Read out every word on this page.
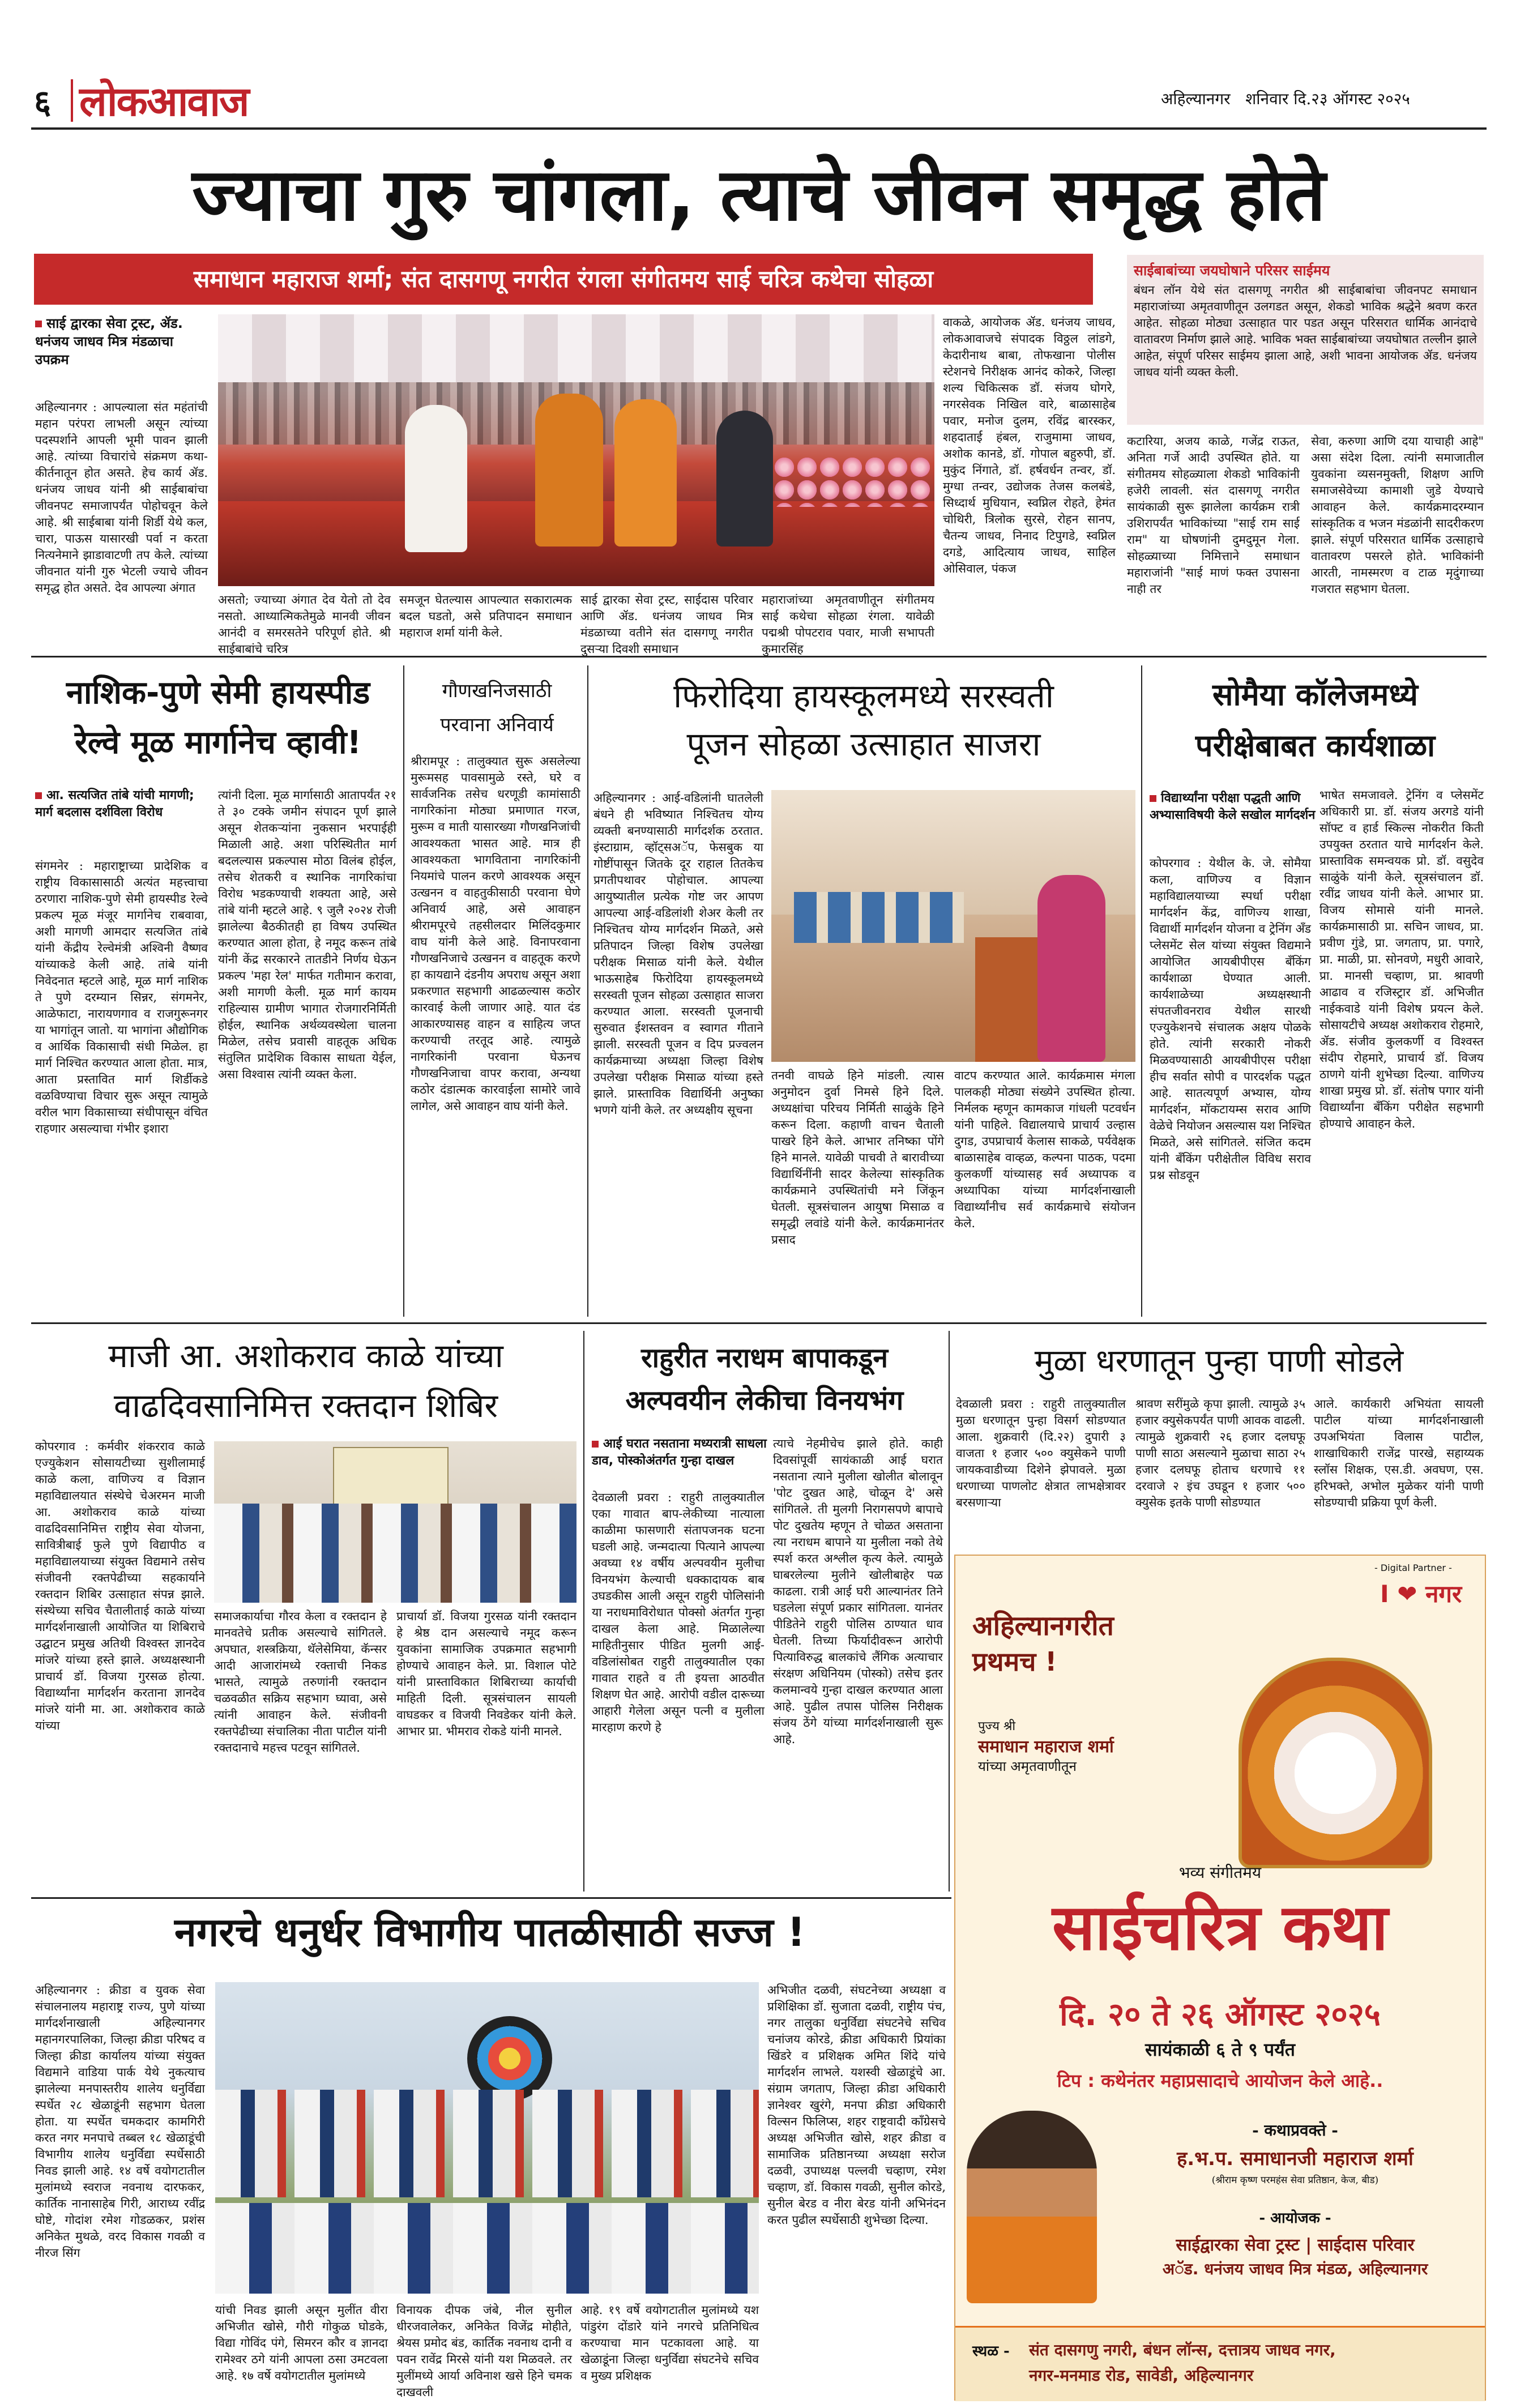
६ लोकआवाज	अहिल्यानगर   शनिवार दि.२३ ऑगस्ट २०२५
ज्याचा गुरु चांगला, त्याचे जीवन समृद्ध होते
समाधान महाराज शर्मा; संत दासगणू नगरीत रंगला संगीतमय साई चरित्र कथेचा सोहळा
साई द्वारका सेवा ट्रस्ट, ॲड. धनंजय जाधव मित्र मंडळाचा उपक्रम
अहिल्यानगर : आपल्याला संत महंतांची महान परंपरा लाभली असून त्यांच्या पदस्पर्शाने आपली भूमी पावन झाली आहे. त्यांच्या विचारांचे संक्रमण कथा-कीर्तनातून होत असते. हेच कार्य ॲड. धनंजय जाधव यांनी श्री साईबाबांचा जीवनपट समाजापर्यंत पोहोचवून केले आहे. श्री साईबाबा यांनी शिर्डी येथे कल, चारा, पाऊस यासारखी पर्वा न करता नित्यनेमाने झाडावाटणी तप केले. त्यांच्या जीवनात यांनी गुरु भेटली ज्याचे जीवन समृद्ध होत असते. देव आपल्या अंगात
असतो; ज्याच्या अंगात देव येतो तो देव नसतो. आध्यात्मिकतेमुळे मानवी जीवन आनंदी व समरसतेने परिपूर्ण होते. श्री साईबाबांचे चरित्र
समजून घेतल्यास आपल्यात सकारात्मक बदल घडतो, असे प्रतिपादन समाधान महाराज शर्मा यांनी केले.
साई द्वारका सेवा ट्रस्ट, साईदास परिवार आणि ॲड. धनंजय जाधव मित्र मंडळाच्या वतीने संत दासगणू नगरीत दुसऱ्या दिवशी समाधान
महाराजांच्या अमृतवाणीतून संगीतमय साई कथेचा सोहळा रंगला. यावेळी पद्मश्री पोपटराव पवार, माजी सभापती कुमारसिंह
वाकळे, आयोजक ॲड. धनंजय जाधव, लोकआवाजचे संपादक विठ्ठल लांडगे, केदारीनाथ बाबा, तोफखाना पोलीस स्टेशनचे निरीक्षक आनंद कोकरे, जिल्हा शल्य चिकित्सक डॉ. संजय घोगरे, नगरसेवक निखिल वारे, बाळासाहेब पवार, मनोज दुलम, रविंद्र बारस्कर, शहदातार्ई हंबल, राजुमामा जाधव, अशोक कानडे, डॉ. गोपाल बहुरुपी, डॉ. मुकुंद निंगाते, डॉ. हर्षवर्धन तन्वर, डॉ. मुग्धा तन्वर, उद्योजक तेजस कलबंडे, सिध्दार्थ मुधियान, स्वप्निल रोहते, हेमंत चोथिरी, त्रिलोक सुरसे, रोहन सानप, चैतन्य जाधव, निनाद टिपुगडे, स्वप्निल दगडे, आदित्याय जाधव, साहिल ओसिवाल, पंकज
साईबाबांच्या जयघोषाने परिसर साईमय
बंधन लॉन येथे संत दासगणू नगरीत श्री साईबाबांचा जीवनपट समाधान महाराजांच्या अमृतवाणीतून उलगडत असून, शेकडो भाविक श्रद्धेने श्रवण करत आहेत. सोहळा मोठ्या उत्साहात पार पडत असून परिसरात धार्मिक आनंदाचे वातावरण निर्माण झाले आहे. भाविक भक्त साईबाबांच्या जयघोषात तल्लीन झाले आहेत, संपूर्ण परिसर साईमय झाला आहे, अशी भावना आयोजक ॲड. धनंजय जाधव यांनी व्यक्त केली.
कटारिया, अजय काळे, गजेंद्र राऊत, अनिता गर्जे आदी उपस्थित होते. या संगीतमय सोहळ्याला शेकडो भाविकांनी हजेरी लावली. संत दासगणू नगरीत सायंकाळी सुरू झालेला कार्यक्रम रात्री उशिरापर्यंत भाविकांच्या "साई राम साई राम" या घोषणांनी दुमदुमून गेला. सोहळ्याच्या निमित्ताने समाधान महाराजांनी "साई माणं फक्त उपासना नाही तर
सेवा, करुणा आणि दया याचाही आहे" असा संदेश दिला. त्यांनी समाजातील युवकांना व्यसनमुक्ती, शिक्षण आणि समाजसेवेच्या कामाशी जुडे येण्याचे आवाहन केले. कार्यक्रमादरम्यान सांस्कृतिक व भजन मंडळांनी सादरीकरण झाले. संपूर्ण परिसरात धार्मिक उत्साहाचे वातावरण पसरले होते. भाविकांनी आरती, नामस्मरण व टाळ मृदुंगाच्या गजरात सहभाग घेतला.
नाशिक-पुणे सेमी हायस्पीड
रेल्वे मूळ मार्गानेच व्हावी!
आ. सत्यजित तांबे यांची मागणी; मार्ग बदलास दर्शविला विरोध
संगमनेर : महाराष्ट्राच्या प्रादेशिक व राष्ट्रीय विकासासाठी अत्यंत महत्त्वाचा ठरणारा नाशिक-पुणे सेमी हायस्पीड रेल्वे प्रकल्प मूळ मंजूर मार्गानेच राबवावा, अशी मागणी आमदार सत्यजित तांबे यांनी केंद्रीय रेल्वेमंत्री अश्विनी वैष्णव यांच्याकडे केली आहे. तांबे यांनी निवेदनात म्हटले आहे, मूळ मार्ग नाशिक ते पुणे दरम्यान सिन्नर, संगमनेर, आळेफाटा, नारायणगाव व राजगुरूनगर या भागांतून जातो. या भागांना औद्योगिक व आर्थिक विकासाची संधी मिळेल. हा मार्ग निश्चित करण्यात आला होता. मात्र, आता प्रस्तावित मार्ग शिर्डीकडे वळविण्याचा विचार सुरू असून त्यामुळे वरील भाग विकासाच्या संधीपासून वंचित राहणार असल्याचा गंभीर इशारा
त्यांनी दिला. मूळ मार्गासाठी आतापर्यंत २१ ते ३० टक्के जमीन संपादन पूर्ण झाले असून शेतकऱ्यांना नुकसान भरपाईही मिळाली आहे. अशा परिस्थितीत मार्ग बदलल्यास प्रकल्पास मोठा विलंब होईल, तसेच शेतकरी व स्थानिक नागरिकांचा विरोध भडकण्याची शक्यता आहे, असे तांबे यांनी म्हटले आहे. ९ जुलै २०२४ रोजी झालेल्या बैठकीतही हा विषय उपस्थित करण्यात आला होता, हे नमूद करून तांबे यांनी केंद्र सरकारने तातडीने निर्णय घेऊन प्रकल्प 'महा रेल' मार्फत गतीमान करावा, अशी मागणी केली. मूळ मार्ग कायम राहिल्यास ग्रामीण भागात रोजगारनिर्मिती होईल, स्थानिक अर्थव्यवस्थेला चालना मिळेल, तसेच प्रवासी वाहतूक अधिक संतुलित प्रादेशिक विकास साधता येईल, असा विश्वास त्यांनी व्यक्त केला.
गौणखनिजसाठी
परवाना अनिवार्य
श्रीरामपूर : तालुक्यात सुरू असलेल्या मुरूमसह पावसामुळे रस्ते, घरे व सार्वजनिक तसेच धरणूडी कामांसाठी नागरिकांना मोठ्या प्रमाणात गरज, मुरूम व माती यासारख्या गौणखनिजांची आवश्यकता भासत आहे. मात्र ही आवश्यकता भागविताना नागरिकांनी नियमांचे पालन करणे आवश्यक असून उत्खनन व वाहतुकीसाठी परवाना घेणे अनिवार्य आहे, असे आवाहन श्रीरामपूरचे तहसीलदार मिलिंदकुमार वाघ यांनी केले आहे. विनापरवाना गौणखनिजाचे उत्खनन व वाहतूक करणे हा कायद्याने दंडनीय अपराध असून अशा प्रकरणात सहभागी आढळल्यास कठोर कारवाई केली जाणार आहे. यात दंड आकारण्यासह वाहन व साहित्य जप्त करण्याची तरतूद आहे. त्यामुळे नागरिकांनी परवाना घेऊनच गौणखनिजाचा वापर करावा, अन्यथा कठोर दंडात्मक कारवाईला सामोरे जावे लागेल, असे आवाहन वाघ यांनी केले.
फिरोदिया हायस्कूलमध्ये सरस्वती
पूजन सोहळा उत्साहात साजरा
अहिल्यानगर : आई-वडिलांनी घातलेली बंधने ही भविष्यात निश्चितच योग्य व्यक्ती बनण्यासाठी मार्गदर्शक ठरतात. इंस्टाग्राम, व्हॉट्सअॅप, फेसबुक या गोष्टींपासून जितके दूर राहाल तितकेच प्रगतीपथावर पोहोचाल. आपल्या आयुष्यातील प्रत्येक गोष्ट जर आपण आपल्या आई-वडिलांशी शेअर केली तर निश्चितच योग्य मार्गदर्शन मिळते, असे प्रतिपादन जिल्हा विशेष उपलेखा परीक्षक मिसाळ यांनी केले. येथील भाऊसाहेब फिरोदिया हायस्कूलमध्ये सरस्वती पूजन सोहळा उत्साहात साजरा करण्यात आला. सरस्वती पूजनाची सुरुवात ईशस्तवन व स्वागत गीताने झाली. सरस्वती पूजन व दिप प्रज्वलन कार्यक्रमाच्या अध्यक्षा जिल्हा विशेष उपलेखा परीक्षक मिसाळ यांच्या हस्ते झाले. प्रास्ताविक विद्यार्थिनी अनुष्का भणगे यांनी केले. तर अध्यक्षीय सूचना
तनवी वाघळे हिने मांडली. त्यास अनुमोदन दुर्वा निमसे हिने दिले. अध्यक्षांचा परिचय निर्मिती साळुंके हिने करून दिला. कहाणी वाचन चैताली पाखरे हिने केले. आभार तनिष्का पोंगे हिने मानले. यावेळी पाचवी ते बारावीच्या विद्यार्थिनींनी सादर केलेल्या सांस्कृतिक कार्यक्रमाने उपस्थितांची मने जिंकून घेतली. सूत्रसंचालन आयुषा मिसाळ व समृद्धी लवांडे यांनी केले. कार्यक्रमानंतर प्रसाद
वाटप करण्यात आले. कार्यक्रमास मंगला पालकही मोठ्या संख्येने उपस्थित होत्या. निर्मलक म्हणून कामकाज गांधली पटवर्धन यांनी पाहिले. विद्यालयाचे प्राचार्य उल्हास दुगड, उपप्राचार्य केलास साकळे, पर्यवेक्षक बाळासाहेब वाव्हळ, कल्पना पाठक, पदमा कुलकर्णी यांच्यासह सर्व अध्यापक व अध्यापिका यांच्या मार्गदर्शनाखाली विद्यार्थ्यांनीच सर्व कार्यक्रमाचे संयोजन केले.
सोमैया कॉलेजमध्ये
परीक्षेबाबत कार्यशाळा
विद्यार्थ्यांना परीक्षा पद्धती आणि अभ्यासाविषयी केले सखोल मार्गदर्शन
कोपरगाव : येथील के. जे. सोमैया कला, वाणिज्य व विज्ञान महाविद्यालयाच्या स्पर्धा परीक्षा मार्गदर्शन केंद्र, वाणिज्य शाखा, विद्यार्थी मार्गदर्शन योजना व ट्रेनिंग ॲंड प्लेसमेंट सेल यांच्या संयुक्त विद्यमाने आयोजित आयबीपीएस बँकिंग कार्यशाळा घेण्यात आली. कार्यशाळेच्या अध्यक्षस्थानी संपतजीवनराव येथील सारथी एज्युकेशनचे संचालक अक्षय पोळके होते. त्यांनी सरकारी नोकरी मिळवण्यासाठी आयबीपीएस परीक्षा हीच सर्वात सोपी व पारदर्शक पद्धत आहे. सातत्यपूर्ण अभ्यास, योग्य मार्गदर्शन, मॉकटायम्स सराव आणि वेळेचे नियोजन असल्यास यश निश्चित मिळते, असे सांगितले. संजित कदम यांनी बँकिंग परीक्षेतील विविध सराव प्रश्न सोडवून
भाषेत समजावले. ट्रेनिंग व प्लेसमेंट अधिकारी प्रा. डॉ. संजय अरगडे यांनी सॉफ्ट व हार्ड स्किल्स नोकरीत किती उपयुक्त ठरतात याचे मार्गदर्शन केले. प्रास्ताविक समन्वयक प्रो. डॉ. वसुदेव साळुंके यांनी केले. सूत्रसंचालन डॉ. रवींद्र जाधव यांनी केले. आभार प्रा. विजय सोमासे यांनी मानले. कार्यक्रमासाठी प्रा. सचिन जाधव, प्रा. प्रवीण गुंडे, प्रा. जगताप, प्रा. पगारे, प्रा. माळी, प्रा. सोनवणे, मधुरी आवारे, प्रा. मानसी चव्हाण, प्रा. श्रावणी आढाव व रजिस्ट्रार डॉ. अभिजीत नाईकवाडे यांनी विशेष प्रयत्न केले. सोसायटीचे अध्यक्ष अशोकराव रोहमारे, ॲड. संजीव कुलकर्णी व विश्वस्त संदीप रोहमारे, प्राचार्य डॉ. विजय ठाणगे यांनी शुभेच्छा दिल्या. वाणिज्य शाखा प्रमुख प्रो. डॉ. संतोष पगार यांनी विद्यार्थ्यांना बँकिंग परीक्षेत सहभागी होण्याचे आवाहन केले.
माजी आ. अशोकराव काळे यांच्या
वाढदिवसानिमित्त रक्तदान शिबिर
कोपरगाव : कर्मवीर शंकरराव काळे एज्युकेशन सोसायटीच्या सुशीलामाई काळे कला, वाणिज्य व विज्ञान महाविद्यालयात संस्थेचे चेअरमन माजी आ. अशोकराव काळे यांच्या वाढदिवसानिमित्त राष्ट्रीय सेवा योजना, सावित्रीबाई फुले पुणे विद्यापीठ व महाविद्यालयाच्या संयुक्त विद्यमाने तसेच संजीवनी रक्तपेढीच्या सहकार्याने रक्तदान शिबिर उत्साहात संपन्न झाले. संस्थेच्या सचिव चैतालीताई काळे यांच्या मार्गदर्शनाखाली आयोजित या शिबिराचे उद्घाटन प्रमुख अतिथी विश्वस्त ज्ञानदेव मांजरे यांच्या हस्ते झाले. अध्यक्षस्थानी प्राचार्य डॉ. विजया गुरसळ होत्या. विद्यार्थ्यांना मार्गदर्शन करताना ज्ञानदेव मांजरे यांनी मा. आ. अशोकराव काळे यांच्या
समाजकार्याचा गौरव केला व रक्तदान हे मानवतेचे प्रतीक असल्याचे सांगितले. अपघात, शस्त्रक्रिया, थॅलेसेमिया, कॅन्सर आदी आजारांमध्ये रक्ताची निकड भासते, त्यामुळे तरुणांनी रक्तदान चळवळीत सक्रिय सहभाग घ्यावा, असे त्यांनी आवाहन केले. संजीवनी रक्तपेढीच्या संचालिका नीता पाटील यांनी रक्तदानाचे महत्त्व पटवून सांगितले.
प्राचार्या डॉ. विजया गुरसळ यांनी रक्तदान हे श्रेष्ठ दान असल्याचे नमूद करून युवकांना सामाजिक उपक्रमात सहभागी होण्याचे आवाहन केले. प्रा. विशाल पोटे यांनी प्रास्ताविकात शिबिराच्या कार्याची माहिती दिली. सूत्रसंचालन सायली वाघडकर व विजयी निवडेकर यांनी केले. आभार प्रा. भीमराव रोकडे यांनी मानले.
राहुरीत नराधम बापाकडून
अल्पवयीन लेकीचा विनयभंग
आई घरात नसताना मध्यरात्री साधला डाव, पोस्कोअंतर्गत गुन्हा दाखल
देवळाली प्रवरा : राहुरी तालुक्यातील एका गावात बाप-लेकीच्या नात्याला काळीमा फासणारी संतापजनक घटना घडली आहे. जन्मदात्या पित्याने आपल्या अवघ्या १४ वर्षीय अल्पवयीन मुलीचा विनयभंग केल्याची धक्कादायक बाब उघडकीस आली असून राहुरी पोलिसांनी या नराधमाविरोधात पोक्सो अंतर्गत गुन्हा दाखल केला आहे. मिळालेल्या माहितीनुसार पीडित मुलगी आई-वडिलांसोबत राहुरी तालुक्यातील एका गावात राहते व ती इयत्ता आठवीत शिक्षण घेत आहे. आरोपी वडील दारूच्या आहारी गेलेला असून पत्नी व मुलीला मारहाण करणे हे
त्याचे नेहमीचेच झाले होते. काही दिवसांपूर्वी सायंकाळी आई घरात नसताना त्याने मुलीला खोलीत बोलावून 'पोट दुखत आहे, चोळून दे' असे सांगितले. ती मुलगी निरागसपणे बापाचे पोट दुखतेय म्हणून ते चोळत असताना त्या नराधम बापाने या मुलीला नको तेथे स्पर्श करत अश्लील कृत्य केले. त्यामुळे घाबरलेल्या मुलीने खोलीबाहेर पळ काढला. रात्री आई घरी आल्यानंतर तिने घडलेला संपूर्ण प्रकार सांगितला. यानंतर पीडितेने राहुरी पोलिस ठाण्यात धाव घेतली. तिच्या फिर्यादीवरून आरोपी पित्याविरुद्ध बालकांचे लैंगिक अत्याचार संरक्षण अधिनियम (पोस्को) तसेच इतर कलमान्वये गुन्हा दाखल करण्यात आला आहे. पुढील तपास पोलिस निरीक्षक संजय ठेंगे यांच्या मार्गदर्शनाखाली सुरू आहे.
मुळा धरणातून पुन्हा पाणी सोडले
देवळाली प्रवरा : राहुरी तालुक्यातील मुळा धरणातून पुन्हा विसर्ग सोडण्यात आला. शुक्रवारी (दि.२२) दुपारी ३ वाजता १ हजार ५०० क्युसेकने पाणी जायकवाडीच्या दिशेने झेपावले. मुळा धरणाच्या पाणलोट क्षेत्रात लाभक्षेत्रावर बरसणाऱ्या
श्रावण सरींमुळे कृपा झाली. त्यामुळे ३५ हजार क्युसेकपर्यंत पाणी आवक वाढली. त्यामुळे शुक्रवारी २६ हजार दलघफू पाणी साठा असल्याने मुळाचा साठा २५ हजार दलघफू होताच धरणाचे ११ दरवाजे २ इंच उघडून १ हजार ५०० क्युसेक इतके पाणी सोडण्यात
आले. कार्यकारी अभियंता सायली पाटील यांच्या मार्गदर्शनाखाली उपअभियंता विलास पाटील, शाखाधिकारी राजेंद्र पारखे, सहाय्यक स्लॉस शिक्षक, एस.डी. अवघण, एस. हरिभक्ते, अभोल मुळेकर यांनी पाणी सोडण्याची प्रक्रिया पूर्ण केली.
नगरचे धनुर्धर विभागीय पातळीसाठी सज्ज !
अहिल्यानगर : क्रीडा व युवक सेवा संचालनालय महाराष्ट्र राज्य, पुणे यांच्या मार्गदर्शनाखाली अहिल्यानगर महानगरपालिका, जिल्हा क्रीडा परिषद व जिल्हा क्रीडा कार्यालय यांच्या संयुक्त विद्यमाने वाडिया पार्क येथे नुकत्याच झालेल्या मनपास्तरीय शालेय धनुर्विद्या स्पर्धेत २८ खेळाडूंनी सहभाग घेतला होता. या स्पर्धेत चमकदार कामगिरी करत नगर मनपाचे तब्बल १८ खेळाडूंची विभागीय शालेय धनुर्विद्या स्पर्धेसाठी निवड झाली आहे. १४ वर्षे वयोगटातील मुलांमध्ये स्वराज नवनाथ दारफकर, कार्तिक नानासाहेब गिरी, आराध्य रवींद्र घोष्टे, गोदांश रमेश गोडळकर, प्रशंस अनिकेत मुथळे, वरद विकास गवळी व नीरज सिंग
यांची निवड झाली असून मुलींत वीरा अभिजीत खोसे, गौरी गोकुळ घोडके, विद्या गोविंद पंगे, सिमरन कौर व ज्ञानदा रामेश्वर ठगे यांनी आपला ठसा उमटवला आहे. १७ वर्षे वयोगटातील मुलांमध्ये
विनायक दीपक जंबे, नील सुनील धीरजवालेकर, अनिकेत विजेंद्र मोहीते, श्रेयस प्रमोद बंड, कार्तिक नवनाथ दानी व पवन रावेंद्र मिरसे यांनी यश मिळवले. तर मुलींमध्ये आर्या अविनाश खसे हिने चमक दाखवली
आहे. १९ वर्षे वयोगटातील मुलांमध्ये यश पांडुरंग दोंडारे यांने नगरचे प्रतिनिधित्व करण्याचा मान पटकावला आहे. या खेळाडूंना जिल्हा धनुर्विद्या संघटनेचे सचिव व मुख्य प्रशिक्षक
अभिजीत दळवी, संघटनेच्या अध्यक्षा व प्रशिक्षिका डॉ. सुजाता दळवी, राष्ट्रीय पंच, नगर तालुका धनुर्विद्या संघटनेचे सचिव चनांजय कोरडे, क्रीडा अधिकारी प्रियांका खिंडरे व प्रशिक्षक अमित शिंदे यांचे मार्गदर्शन लाभले. यशस्वी खेळाडूंचे आ. संग्राम जगताप, जिल्हा क्रीडा अधिकारी ज्ञानेश्वर खुरंगे, मनपा क्रीडा अधिकारी विल्सन फिलिप्स, शहर राष्ट्रवादी काँग्रेसचे अध्यक्ष अभिजीत खोसे, शहर क्रीडा व सामाजिक प्रतिष्ठानच्या अध्यक्षा सरोज दळवी, उपाध्यक्ष पल्लवी चव्हाण, रमेश चव्हाण, डॉ. विकास गवळी, सुनील कोरडे, सुनील बेरड व नीरा बेरड यांनी अभिनंदन करत पुढील स्पर्धेसाठी शुभेच्छा दिल्या.
- Digital Partner -
I ❤ नगर
अहिल्यानगरीत
प्रथमच !
पुज्य श्री
समाधान महाराज शर्मा
यांच्या अमृतवाणीतून
भव्य संगीतमय
साईचरित्र कथा
दि. २० ते २६ ऑगस्ट २०२५
सायंकाळी ६ ते ९ पर्यंत
टिप : कथेनंतर महाप्रसादाचे आयोजन केले आहे..
- कथाप्रवक्ते -
ह.भ.प. समाधानजी महाराज शर्मा
(श्रीराम कृष्ण परमहंस सेवा प्रतिष्ठान, केज, बीड)
- आयोजक -
साईद्वारका सेवा ट्रस्ट | साईदास परिवार
अॅड. धनंजय जाधव मित्र मंडळ, अहिल्यानगर
स्थळ - संत दासगणु नगरी, बंधन लॉन्स, दत्तात्रय जाधव नगर,
नगर-मनमाड रोड, सावेडी, अहिल्यानगर
